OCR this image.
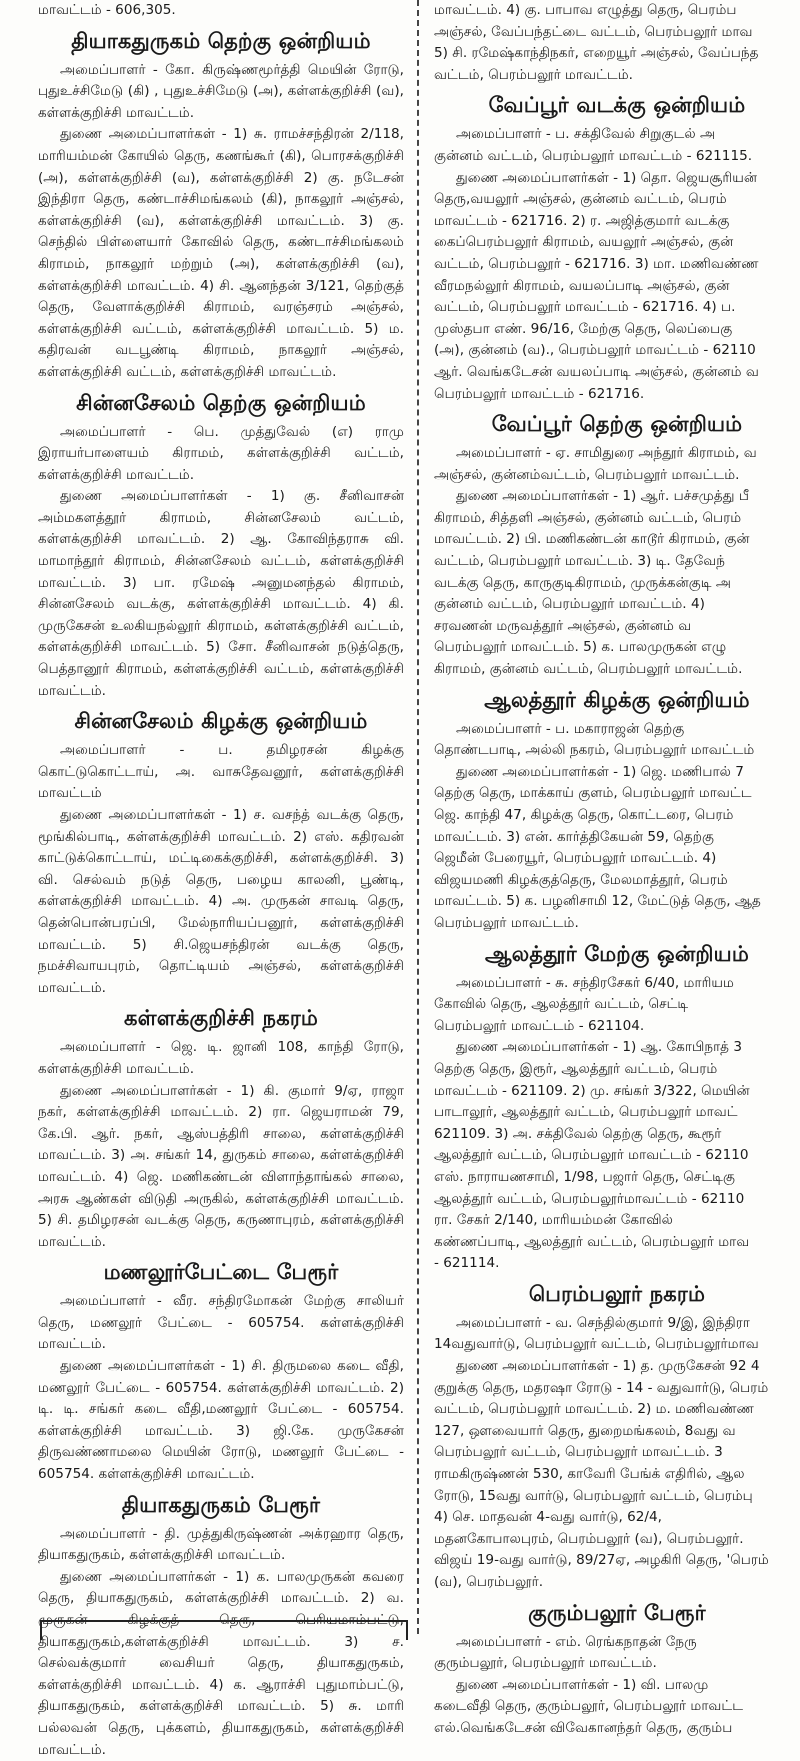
மாவட்டம் - 606,305.

தியாகதுருகம் தெற்கு ஒன்றியம்

அமைப்பாளர் - கோ. கிருஷ்ணமூர்த்தி மெயின் ரோடு, புதுஉச்சிமேடு (கி) , புதுஉச்சிமேடு (அ), கள்ளக்குறிச்சி (வ), கள்ளக்குறிச்சி மாவட்டம்.

துணை அமைப்பாளர்கள் - 1) சு. ராமச்சந்திரன் 2/118, மாரியம்மன் கோயில் தெரு, கணங்கூர் (கி), பொரசக்குறிச்சி (அ), கள்ளக்குறிச்சி (வ), கள்ளக்குறிச்சி 2) கு. நடேசன் இந்திரா தெரு, கண்டாச்சிமங்கலம் (கி), நாகலூர் அஞ்சல், கள்ளக்குறிச்சி (வ), கள்ளக்குறிச்சி மாவட்டம். 3) கு. செந்தில் பிள்ளையார் கோவில் தெரு, கண்டாச்சிமங்கலம் கிராமம், நாகலூர் மற்றும் (அ), கள்ளக்குறிச்சி (வ), கள்ளக்குறிச்சி மாவட்டம். 4) சி. ஆனந்தன் 3/121, தெற்குத் தெரு, வேளாக்குறிச்சி கிராமம், வரஞ்சரம் அஞ்சல், கள்ளக்குறிச்சி வட்டம், கள்ளக்குறிச்சி மாவட்டம். 5) ம. கதிரவன் வடபூண்டி கிராமம், நாகலூர் அஞ்சல், கள்ளக்குறிச்சி வட்டம், கள்ளக்குறிச்சி மாவட்டம்.

சின்னசேலம் தெற்கு ஒன்றியம்

அமைப்பாளர் - பெ. முத்துவேல் (எ) ராமு இராயர்பாளையம் கிராமம், கள்ளக்குறிச்சி வட்டம், கள்ளக்குறிச்சி மாவட்டம்.

துணை அமைப்பாளர்கள் - 1) கு. சீனிவாசன் அம்மகளத்தூர் கிராமம், சின்னசேலம் வட்டம், கள்ளக்குறிச்சி மாவட்டம். 2) ஆ. கோவிந்தராசு வி. மாமாந்தூர் கிராமம், சின்னசேலம் வட்டம், கள்ளக்குறிச்சி மாவட்டம். 3) பா. ரமேஷ் அனுமனந்தல் கிராமம், சின்னசேலம் வடக்கு, கள்ளக்குறிச்சி மாவட்டம். 4) கி. முருகேசன் உலகியநல்லூர் கிராமம், கள்ளக்குறிச்சி வட்டம், கள்ளக்குறிச்சி மாவட்டம். 5) சோ. சீனிவாசன் நடுத்தெரு, பெத்தானூர் கிராமம், கள்ளக்குறிச்சி வட்டம், கள்ளக்குறிச்சி மாவட்டம்.

சின்னசேலம் கிழக்கு ஒன்றியம்

அமைப்பாளர் - ப. தமிழரசன் கிழக்கு கொட்டுகொட்டாய், அ. வாசுதேவனூர், கள்ளக்குறிச்சி மாவட்டம்

துணை அமைப்பாளர்கள் - 1) ச. வசந்த் வடக்கு தெரு, மூங்கில்பாடி, கள்ளக்குறிச்சி மாவட்டம். 2) எஸ். கதிரவன் காட்டுக்கொட்டாய், மட்டிகைக்குறிச்சி, கள்ளக்குறிச்சி. 3) வி. செல்வம் நடுத் தெரு, பழைய காலனி, பூண்டி, கள்ளக்குறிச்சி மாவட்டம். 4) அ. முருகன் சாவடி தெரு, தென்பொன்பரப்பி, மேல்நாரியப்பனூர், கள்ளக்குறிச்சி மாவட்டம். 5) சி.ஜெயசந்திரன் வடக்கு தெரு, நமச்சிவாயபுரம், தொட்டியம் அஞ்சல், கள்ளக்குறிச்சி மாவட்டம்.

கள்ளக்குறிச்சி நகரம்

அமைப்பாளர் - ஜெ. டி. ஜானி 108, காந்தி ரோடு, கள்ளக்குறிச்சி மாவட்டம்.

துணை அமைப்பாளர்கள் - 1) கி. குமார் 9/ஏ, ராஜா நகர், கள்ளக்குறிச்சி மாவட்டம். 2) ரா. ஜெயராமன் 79, கே.பி. ஆர். நகர், ஆஸ்பத்திரி சாலை, கள்ளக்குறிச்சி மாவட்டம். 3) அ. சங்கர் 14, துருகம் சாலை, கள்ளக்குறிச்சி மாவட்டம். 4) ஜெ. மணிகண்டன் விளாந்தாங்கல் சாலை, அரசு ஆண்கள் விடுதி அருகில், கள்ளக்குறிச்சி மாவட்டம். 5) சி. தமிழரசன் வடக்கு தெரு, கருணாபுரம், கள்ளக்குறிச்சி மாவட்டம்.

மணலூர்பேட்டை பேரூர்

அமைப்பாளர் - வீர. சந்திரமோகன் மேற்கு சாலியர் தெரு, மணலூர் பேட்டை - 605754. கள்ளக்குறிச்சி மாவட்டம்.

துணை அமைப்பாளர்கள் - 1) சி. திருமலை கடை வீதி, மணலூர் பேட்டை - 605754. கள்ளக்குறிச்சி மாவட்டம். 2) டி. டி. சங்கர் கடை வீதி,மணலூர் பேட்டை - 605754. கள்ளக்குறிச்சி மாவட்டம். 3) ஜி.கே. முருகேசன் திருவண்ணாமலை மெயின் ரோடு, மணலூர் பேட்டை - 605754. கள்ளக்குறிச்சி மாவட்டம்.

தியாகதுருகம் பேரூர்

அமைப்பாளர் - தி. முத்துகிருஷ்ணன் அக்ரஹார தெரு, தியாகதுருகம், கள்ளக்குறிச்சி மாவட்டம்.

துணை அமைப்பாளர்கள் - 1) க. பாலமுருகன் கவரை தெரு, தியாகதுருகம், கள்ளக்குறிச்சி மாவட்டம். 2) வ. முருகன் கிழக்குத் தெரு, பெரியமாம்பட்டு, தியாகதுருகம்,கள்ளக்குறிச்சி மாவட்டம். 3) ச. செல்வக்குமார் வைசியர் தெரு, தியாகதுருகம், கள்ளக்குறிச்சி மாவட்டம். 4) க. ஆராச்சி புதுமாம்பட்டு, தியாகதுருகம், கள்ளக்குறிச்சி மாவட்டம். 5) சு. மாரி பல்லவன் தெரு, புக்களம், தியாகதுருகம், கள்ளக்குறிச்சி மாவட்டம்.

மாவட்டம். 4) கு. பாபாவ எழுத்து தெரு, பெரம்ப
அஞ்சல், வேப்பந்தட்டை வட்டம், பெரம்பலூர் மாவ
5) சி. ரமேஷ்காந்திநகர், எறையூர் அஞ்சல், வேப்பந்த
வட்டம், பெரம்பலூர் மாவட்டம்.
வேப்பூர் வடக்கு ஒன்றியம்
அமைப்பாளர் - ப. சக்திவேல் சிறுகுடல் அ
குன்னம் வட்டம், பெரம்பலூர் மாவட்டம் - 621115.
துணை அமைப்பாளர்கள் - 1) தொ. ஜெயசூரியன்
தெரு,வயலூர் அஞ்சல், குன்னம் வட்டம், பெரம்
மாவட்டம் - 621716. 2) ர. அஜித்குமார் வடக்கு
கைப்பெரம்பலூர் கிராமம், வயலூர் அஞ்சல், குன்
வட்டம், பெரம்பலூர் - 621716. 3) மா. மணிவண்ண
வீரமநல்லூர் கிராமம், வயலப்பாடி அஞ்சல், குன்
வட்டம், பெரம்பலூர் மாவட்டம் - 621716. 4) ப.
முஸ்தபா எண். 96/16, மேற்கு தெரு, லெப்பைகு
(அ), குன்னம் (வ)., பெரம்பலூர் மாவட்டம் - 62110
ஆர். வெங்கடேசன் வயலப்பாடி அஞ்சல், குன்னம் வ
பெரம்பலூர் மாவட்டம் - 621716.
வேப்பூர் தெற்கு ஒன்றியம்
அமைப்பாளர் - ஏ. சாமிதுரை அந்தூர் கிராமம், வ
அஞ்சல், குன்னம்வட்டம், பெரம்பலூர் மாவட்டம்.
துணை அமைப்பாளர்கள் - 1) ஆர். பச்சமுத்து பீ
கிராமம், சித்தளி அஞ்சல், குன்னம் வட்டம், பெரம்
மாவட்டம். 2) பி. மணிகண்டன் காடூர் கிராமம், குன்
வட்டம், பெரம்பலூர் மாவட்டம். 3) டி. தேவேந்
வடக்கு தெரு, காருகுடிகிராமம், முருக்கன்குடி அ
குன்னம் வட்டம், பெரம்பலூர் மாவட்டம். 4)
சரவணன் மருவத்தூர் அஞ்சல், குன்னம் வ
பெரம்பலூர் மாவட்டம். 5) க. பாலமுருகன் எழு
கிராமம், குன்னம் வட்டம், பெரம்பலூர் மாவட்டம்.
ஆலத்தூர் கிழக்கு ஒன்றியம்
அமைப்பாளர் - ப. மகாராஜன் தெற்கு
தொண்டபாடி, அல்லி நகரம், பெரம்பலூர் மாவட்டம்
துணை அமைப்பாளர்கள் - 1) ஜெ. மணிபால் 7
தெற்கு தெரு, மாக்காய் குளம், பெரம்பலூர் மாவட்ட
ஜெ. காந்தி 47, கிழக்கு தெரு, கொட்டரை, பெரம்
மாவட்டம். 3) என். கார்த்திகேயன் 59, தெற்கு
ஜெமீன் பேரையூர், பெரம்பலூர் மாவட்டம். 4)
விஜயமணி கிழக்குத்தெரு, மேலமாத்தூர், பெரம்
மாவட்டம். 5) க. பழனிசாமி 12, மேட்டுத் தெரு, ஆத
பெரம்பலூர் மாவட்டம்.
ஆலத்தூர் மேற்கு ஒன்றியம்
அமைப்பாளர் - சு. சந்திரசேகர் 6/40, மாரியம
கோவில் தெரு, ஆலத்தூர் வட்டம், செட்டி
பெரம்பலூர் மாவட்டம் - 621104.
துணை அமைப்பாளர்கள் - 1) ஆ. கோபிநாத் 3
தெற்கு தெரு, இரூர், ஆலத்தூர் வட்டம், பெரம்
மாவட்டம் - 621109. 2) மு. சங்கர் 3/322, மெயின்
பாடாலூர், ஆலத்தூர் வட்டம், பெரம்பலூர் மாவட்
621109. 3) அ. சக்திவேல் தெற்கு தெரு, கூரூர்
ஆலத்தூர் வட்டம், பெரம்பலூர் மாவட்டம் - 62110
எஸ். நாராயணசாமி, 1/98, பஜார் தெரு, செட்டிகு
ஆலத்தூர் வட்டம், பெரம்பலூர்மாவட்டம் - 62110
ரா. சேகர் 2/140, மாரியம்மன் கோவில்
கண்ணப்பாடி, ஆலத்தூர் வட்டம், பெரம்பலூர் மாவ
- 621114.
பெரம்பலூர் நகரம்
அமைப்பாளர் - வ. செந்தில்குமார் 9/இ, இந்திரா
14வதுவார்டு, பெரம்பலூர் வட்டம், பெரம்பலூர்மாவ
துணை அமைப்பாளர்கள் - 1) த. முருகேசன் 92 4
குறுக்கு தெரு, மதரஷா ரோடு - 14 - வதுவார்டு, பெரம்
வட்டம், பெரம்பலூர் மாவட்டம். 2) ம. மணிவண்ண
127, ஔவையார் தெரு, துறைமங்கலம், 8வது வ
பெரம்பலூர் வட்டம், பெரம்பலூர் மாவட்டம். 3
ராமகிருஷ்ணன் 530, காவேரி பேங்க் எதிரில், ஆல
ரோடு, 15வது வார்டு, பெரம்பலூர் வட்டம், பெரம்பு
4) செ. மாதவன் 4-வது வார்டு, 62/4,
மதனகோபாலபுரம், பெரம்பலூர் (வ), பெரம்பலூர்.
விஜய் 19-வது வார்டு, 89/27ஏ, அழகிரி தெரு, 'பெரம்
(வ), பெரம்பலூர்.
குரும்பலூர் பேரூர்
அமைப்பாளர் - எம். ரெங்கநாதன் நேரு
குரும்பலூர், பெரம்பலூர் மாவட்டம்.
துணை அமைப்பாளர்கள் - 1) வி. பாலமு
கடைவீதி தெரு, குரும்பலூர், பெரம்பலூர் மாவட்ட
எல்.வெங்கடேசன் விவேகானந்தர் தெரு, குரும்ப
